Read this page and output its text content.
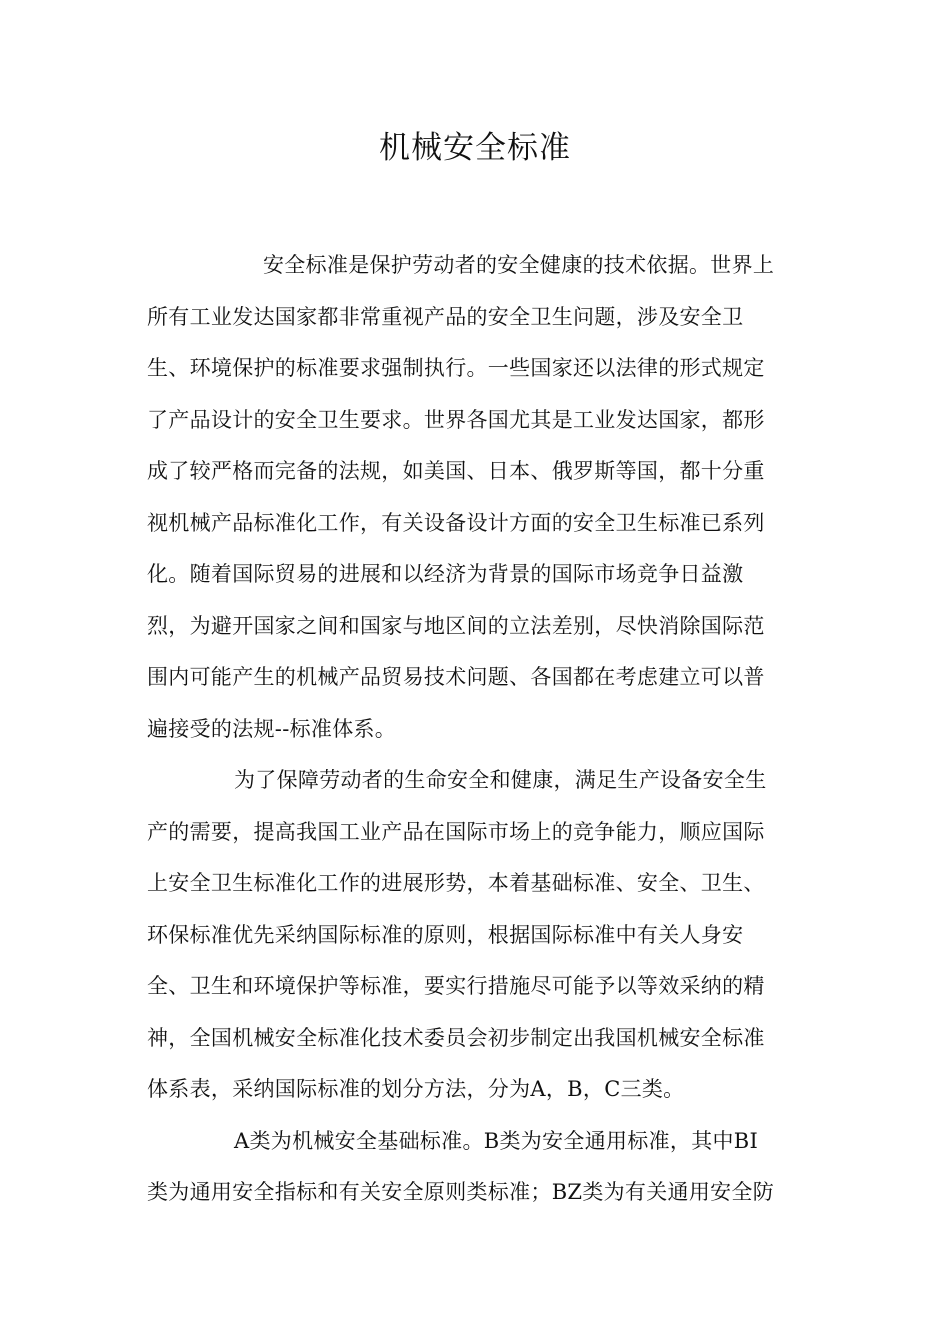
机械安全标准
安全标准是保护劳动者的安全健康的技术依据。世界上
所有工业发达国家都非常重视产品的安全卫生问题，涉及安全卫
生、环境保护的标准要求强制执行。一些国家还以法律的形式规定
了产品设计的安全卫生要求。世界各国尤其是工业发达国家，都形
成了较严格而完备的法规，如美国、日本、俄罗斯等国，都十分重
视机械产品标准化工作，有关设备设计方面的安全卫生标准已系列
化。随着国际贸易的进展和以经济为背景的国际市场竞争日益激
烈，为避开国家之间和国家与地区间的立法差别，尽快消除国际范
围内可能产生的机械产品贸易技术问题、各国都在考虑建立可以普
遍接受的法规--标准体系。
为了保障劳动者的生命安全和健康，满足生产设备安全生
产的需要，提高我国工业产品在国际市场上的竞争能力，顺应国际
上安全卫生标准化工作的进展形势，本着基础标准、安全、卫生、
环保标准优先采纳国际标准的原则，根据国际标准中有关人身安
全、卫生和环境保护等标准，要实行措施尽可能予以等效采纳的精
神，全国机械安全标准化技术委员会初步制定出我国机械安全标准
体系表，采纳国际标准的划分方法，分为A，B，C三类。
A类为机械安全基础标准。B类为安全通用标准，其中BI
类为通用安全指标和有关安全原则类标准；BZ类为有关通用安全防
